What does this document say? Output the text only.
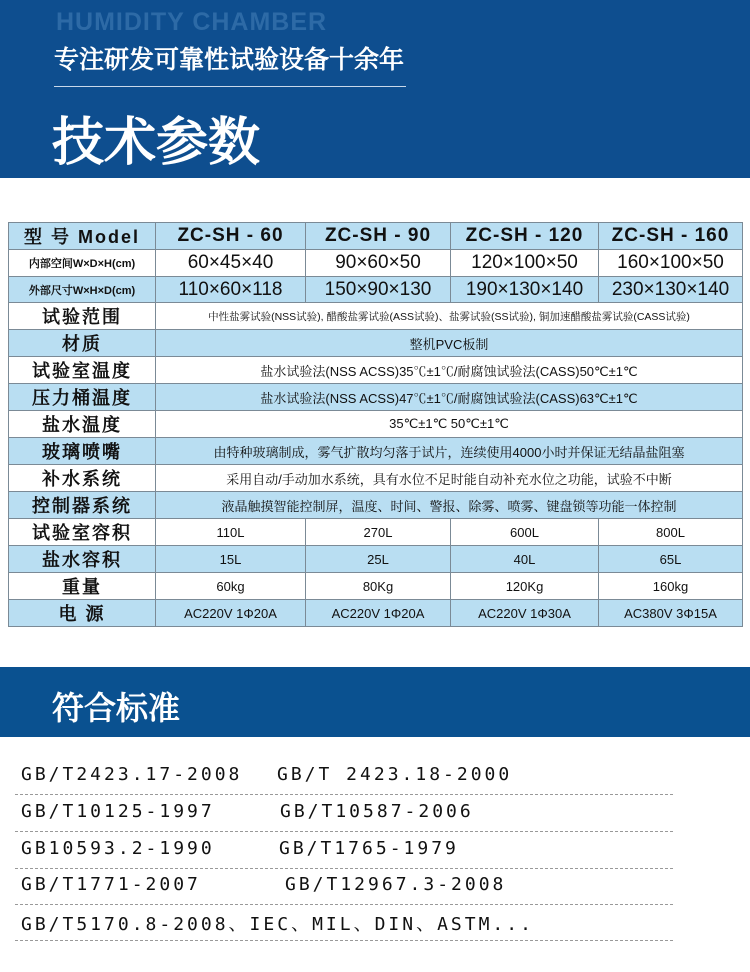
HUMIDITY CHAMBER
专注研发可靠性试验设备十余年
技术参数
型 号 Model	ZC-SH - 60	ZC-SH - 90	ZC-SH - 120	ZC-SH - 160
内部空间W×D×H(cm)	60×45×40	90×60×50	120×100×50	160×100×50
外部尺寸W×H×D(cm)	110×60×118	150×90×130	190×130×140	230×130×140
试验范围	中性盐雾试验(NSS试验), 醋酸盐雾试验(ASS试验)、盐雾试验(SS试验), 铜加速醋酸盐雾试验(CASS试验)			
材质	整机PVC板制			
试验室温度	盐水试验法(NSS ACSS)35℃±1℃/耐腐蚀试验法(CASS)50℃±1℃			
压力桶温度	盐水试验法(NSS ACSS)47℃±1℃/耐腐蚀试验法(CASS)63℃±1℃			
盐水温度	35℃±1℃ 50℃±1℃			
玻璃喷嘴	由特种玻璃制成，雾气扩散均匀落于试片，连续使用4000小时并保证无结晶盐阻塞			
补水系统	采用自动/手动加水系统，具有水位不足时能自动补充水位之功能，试验不中断			
控制器系统	液晶触摸智能控制屏，温度、时间、警报、除雾、喷雾、键盘锁等功能一体控制			
试验室容积	110L	270L	600L	800L
盐水容积	15L	25L	40L	65L
重量	60kg	80Kg	120Kg	160kg
电 源	AC220V 1Φ20A	AC220V 1Φ20A	AC220V 1Φ30A	AC380V 3Φ15A
符合标准
GB/T2423.17-2008 GB/T 2423.18-2000
GB/T10125-1997	GB/T10587-2006
GB10593.2-1990	GB/T1765-1979
GB/T1771-2007	GB/T12967.3-2008
GB/T5170.8-2008、IEC、MIL、DIN、ASTM...
